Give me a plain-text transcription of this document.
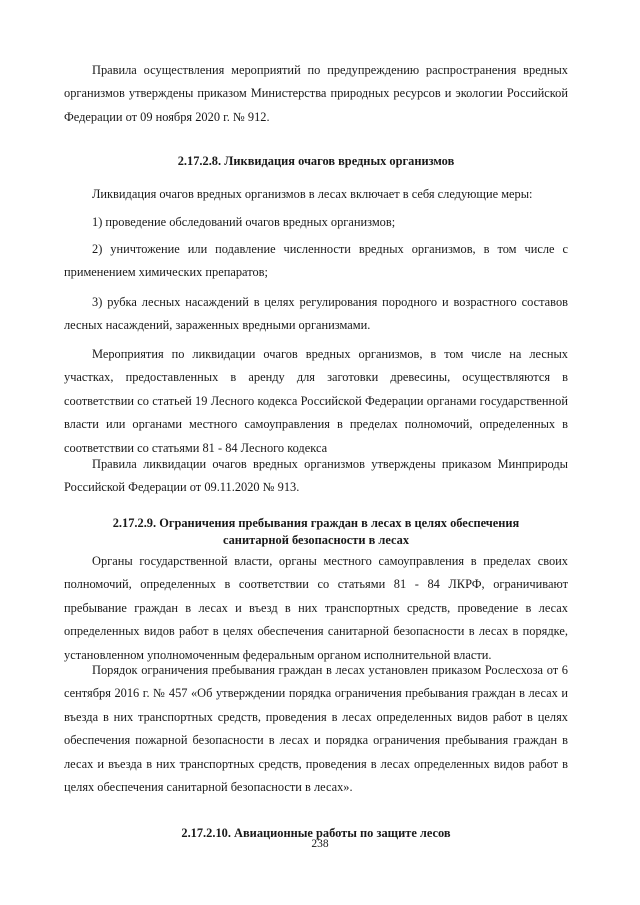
Правила осуществления мероприятий по предупреждению распространения вредных организмов утверждены приказом Министерства природных ресурсов и экологии Российской Федерации от 09 ноября 2020 г. № 912.

2.17.2.8. Ликвидация очагов вредных организмов

Ликвидация очагов вредных организмов в лесах включает в себя следующие меры:

1) проведение обследований очагов вредных организмов;

2) уничтожение или подавление численности вредных организмов, в том числе с применением химических препаратов;

3) рубка лесных насаждений в целях регулирования породного и возрастного составов лесных насаждений, зараженных вредными организмами.

Мероприятия по ликвидации очагов вредных организмов, в том числе на лесных участках, предоставленных в аренду для заготовки древесины, осуществляются в соответствии со статьей 19 Лесного кодекса Российской Федерации органами государственной власти или органами местного самоуправления в пределах полномочий, определенных в соответствии со статьями 81 - 84 Лесного кодекса

Правила ликвидации очагов вредных организмов утверждены приказом Минприроды Российской Федерации от 09.11.2020 № 913.

2.17.2.9. Ограничения пребывания граждан в лесах в целях обеспечения

санитарной безопасности в лесах

Органы государственной власти, органы местного самоуправления в пределах своих полномочий, определенных в соответствии со статьями 81 - 84 ЛКРФ, ограничивают пребывание граждан в лесах и въезд в них транспортных средств, проведение в лесах определенных видов работ в целях обеспечения санитарной безопасности в лесах в порядке, установленном уполномоченным федеральным органом исполнительной власти.

Порядок ограничения пребывания граждан в лесах установлен приказом Рослесхоза от 6 сентября 2016 г. № 457 «Об утверждении порядка ограничения пребывания граждан в лесах и въезда в них транспортных средств, проведения в лесах определенных видов работ в целях обеспечения пожарной безопасности в лесах и порядка ограничения пребывания граждан в лесах и въезда в них транспортных средств, проведения в лесах определенных видов работ в целях обеспечения санитарной безопасности в лесах».

2.17.2.10. Авиационные работы по защите лесов

238
